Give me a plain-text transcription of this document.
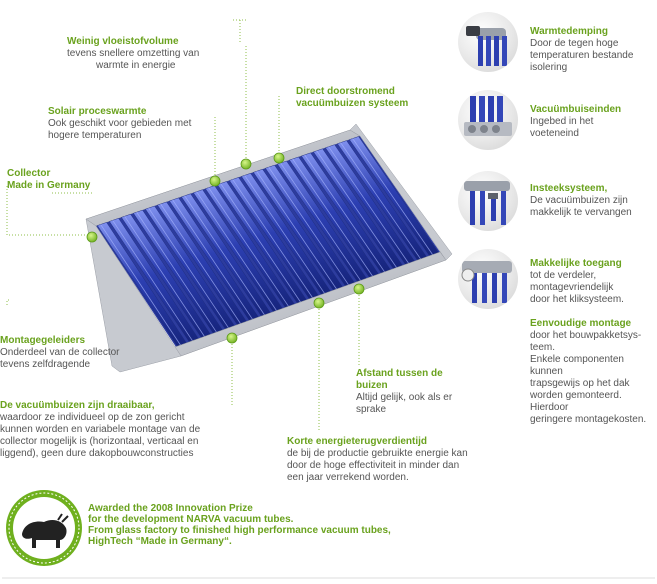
Weinig vloeistofvolume
tevens snellere omzetting van
warmte in energie
Solair proceswarmte
Ook geschikt voor gebieden met
hogere temperaturen
Direct doorstromend
vacuümbuizen systeem
Collector
Made in Germany
Montagegeleiders
Onderdeel van de collector
tevens zelfdragende
De vacuümbuizen zijn draaibaar,
waardoor ze individueel op de zon gericht
kunnen worden en variabele montage van de
collector mogelijk is (horizontaal, verticaal en
liggend), geen dure dakopbouwconstructies
Afstand tussen de
buizen
Altijd gelijk, ook als er
sprake
Korte energieterugverdientijd
de bij de productie gebruikte energie kan
door de hoge effectiviteit in minder dan
een jaar verrekend worden.
Warmtedemping
Door de tegen hoge
temperaturen bestande
isolering
Vacuümbuiseinden
Ingebed in het
voeteneind
Insteeksysteem,
De vacuümbuizen zijn
makkelijk te vervangen
Makkelijke toegang
tot de verdeler,
montagevriendelijk
door het kliksysteem.
Eenvoudige montage
door het bouwpakketsys-
teem.
Enkele componenten
kunnen
trapsgewijs op het dak
worden gemonteerd.
Hierdoor
geringere montagekosten.
Awarded the 2008 Innovation Prize
for the development NARVA vacuum tubes.
From glass factory to finished high performance vacuum tubes,
HighTech “Made in Germany“.
